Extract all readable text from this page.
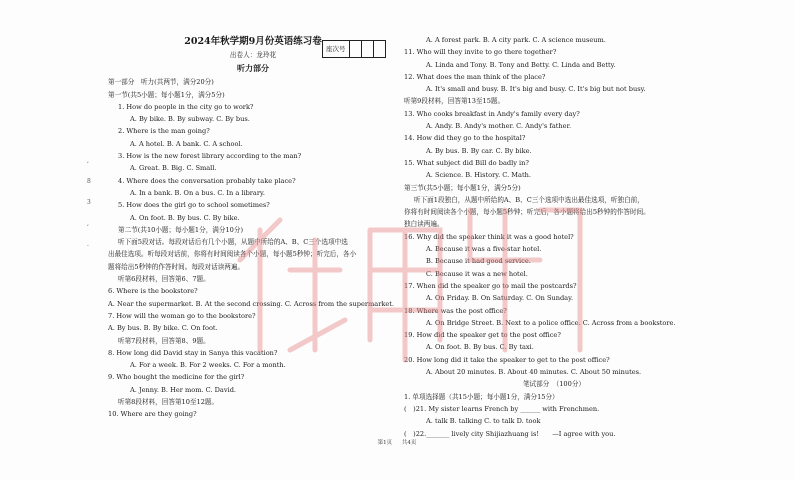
2024年秋学期9月份英语练习卷
出卷人：龙玲花
听力部分
第一部分　听力(共两节，满分20分)
第一节(共5小题；每小题1分，满分5分)
1. How do people in the city go to work?
A. By bike. B. By subway. C. By bus.
2. Where is the man going?
A. A hotel. B. A bank. C. A school.
3. How is the new forest library according to the man?
A. Great. B. Big. C. Small.
4. Where does the conversation probably take place?
A. In a bank. B. On a bus. C. In a library.
5. How does the girl go to school sometimes?
A. On foot. B. By bus. C. By bike.
第二节(共10小题；每小题1分，满分10分)
听下面5段对话。每段对话后有几个小题，从题中所给的A、B、C三个选项中选
出最佳选项。听每段对话前，你将有时间阅读各个小题，每小题5秒钟；听完后，各小
题将给出5秒钟的作答时间。每段对话读两遍。
听第6段材料，回答第6、7题。
6. Where is the bookstore?
A. Near the supermarket. B. At the second crossing. C. Across from the supermarket.
7. How will the woman go to the bookstore?
A. By bus. B. By bike. C. On foot.
听第7段材料，回答第8、9题。
8. How long did David stay in Sanya this vacation?
A. For a week. B. For 2 weeks. C. For a month.
9. Who bought the medicine for the girl?
A. Jenny. B. Her mom. C. David.
听第8段材料，回答第10至12题。
10. Where are they going?
座次号
A. A forest park. B. A city park. C. A science museum.
11. Who will they invite to go there together?
A. Linda and Tony. B. Tony and Betty. C. Linda and Betty.
12. What does the man think of the place?
A. It's small and busy. B. It's big and busy. C. It's big but not busy.
听第9段材料，回答第13至15题。
13. Who cooks breakfast in Andy's family every day?
A. Andy. B. Andy's mother. C. Andy's father.
14. How did they go to the hospital?
A. By bus. B. By car. C. By bike.
15. What subject did Bill do badly in?
A. Science. B. History. C. Math.
第三节(共5小题；每小题1分，满分5分)
听下面1段独白，从题中所给的A、B、C三个选项中选出最佳选项，听独白前，
你将有时间阅读各个小题，每小题5秒钟；听完后，各小题将给出5秒钟的作答时间。
独白读两遍。
16. Why did the speaker think it was a good hotel?
A. Because it was a five-star hotel.
B. Because it had good service.
C. Because it was a new hotel.
17. When did the speaker go to mail the postcards?
A. On Friday. B. On Saturday. C. On Sunday.
18. Where was the post office?
A. On Bridge Street. B. Next to a police office. C. Across from a bookstore.
19. How did the speaker get to the post office?
A. On foot. B. By bus. C. By taxi.
20. How long did it take the speaker to get to the post office?
A. About 20 minutes. B. About 40 minutes. C. About 50 minutes.
笔试部分　（100分）
1. 单项选择题（共15小题；每小题1分，满分15分）
(　)21. My sister learns French by ______ with Frenchmen.
A. talk B. talking C. to talk D. took
(　)22._______ lively city Shijiazhuang is!　　—I agree with you.
,
8
3
,
.
第1页 共4页
